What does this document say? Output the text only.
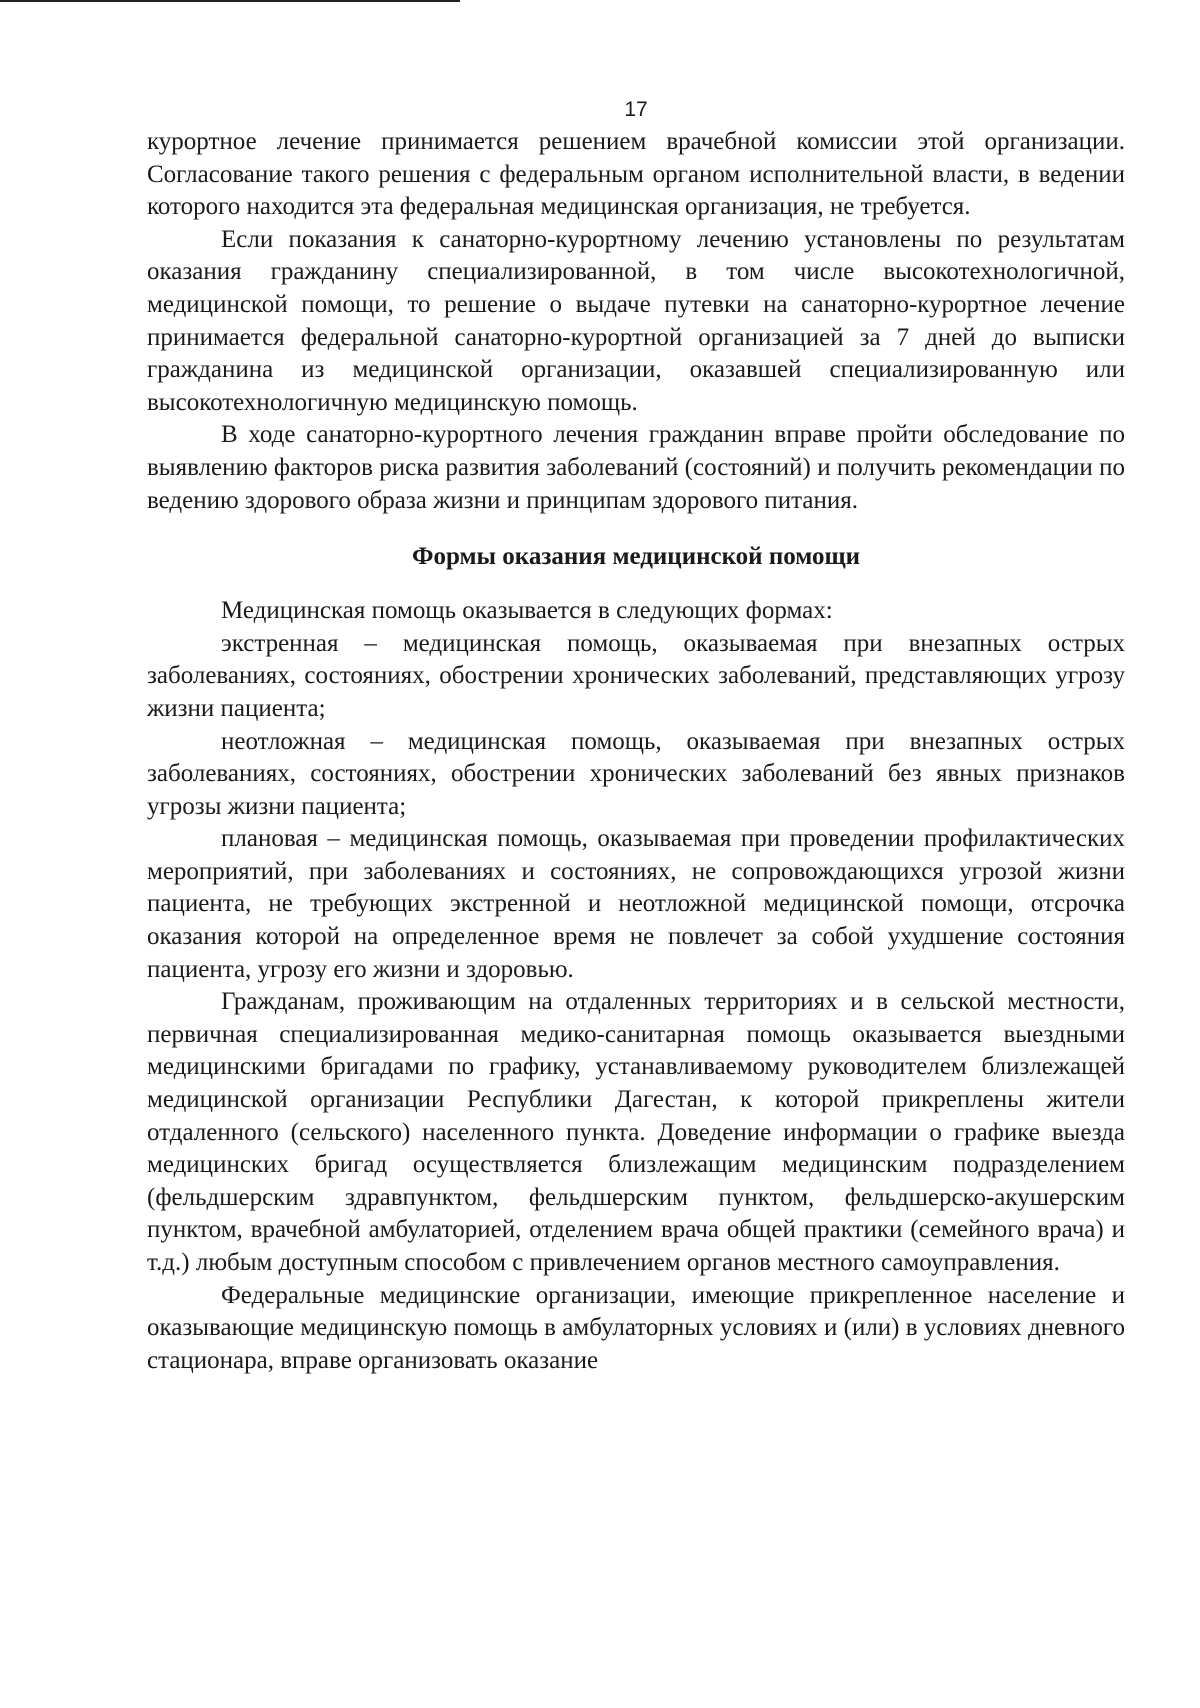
17

курортное лечение принимается решением врачебной комиссии этой организации. Согласование такого решения с федеральным органом исполнительной власти, в ведении которого находится эта федеральная медицинская организация, не требуется.

Если показания к санаторно-курортному лечению установлены по результатам оказания гражданину специализированной, в том числе высокотехнологичной, медицинской помощи, то решение о выдаче путевки на санаторно-курортное лечение принимается федеральной санаторно-курортной организацией за 7 дней до выписки гражданина из медицинской организации, оказавшей специализированную или высокотехнологичную медицинскую помощь.

В ходе санаторно-курортного лечения гражданин вправе пройти обследование по выявлению факторов риска развития заболеваний (состояний) и получить рекомендации по ведению здорового образа жизни и принципам здорового питания.

Формы оказания медицинской помощи

Медицинская помощь оказывается в следующих формах:

экстренная – медицинская помощь, оказываемая при внезапных острых заболеваниях, состояниях, обострении хронических заболеваний, представляющих угрозу жизни пациента;

неотложная – медицинская помощь, оказываемая при внезапных острых заболеваниях, состояниях, обострении хронических заболеваний без явных признаков угрозы жизни пациента;

плановая – медицинская помощь, оказываемая при проведении профилактических мероприятий, при заболеваниях и состояниях, не сопровождающихся угрозой жизни пациента, не требующих экстренной и неотложной медицинской помощи, отсрочка оказания которой на определенное время не повлечет за собой ухудшение состояния пациента, угрозу его жизни и здоровью.

Гражданам, проживающим на отдаленных территориях и в сельской местности, первичная специализированная медико-санитарная помощь оказывается выездными медицинскими бригадами по графику, устанавливаемому руководителем близлежащей медицинской организации Республики Дагестан, к которой прикреплены жители отдаленного (сельского) населенного пункта. Доведение информации о графике выезда медицинских бригад осуществляется близлежащим медицинским подразделением (фельдшерским здравпунктом, фельдшерским пунктом, фельдшерско-акушерским пунктом, врачебной амбулаторией, отделением врача общей практики (семейного врача) и т.д.) любым доступным способом с привлечением органов местного самоуправления.

Федеральные медицинские организации, имеющие прикрепленное население и оказывающие медицинскую помощь в амбулаторных условиях и (или) в условиях дневного стационара, вправе организовать оказание
